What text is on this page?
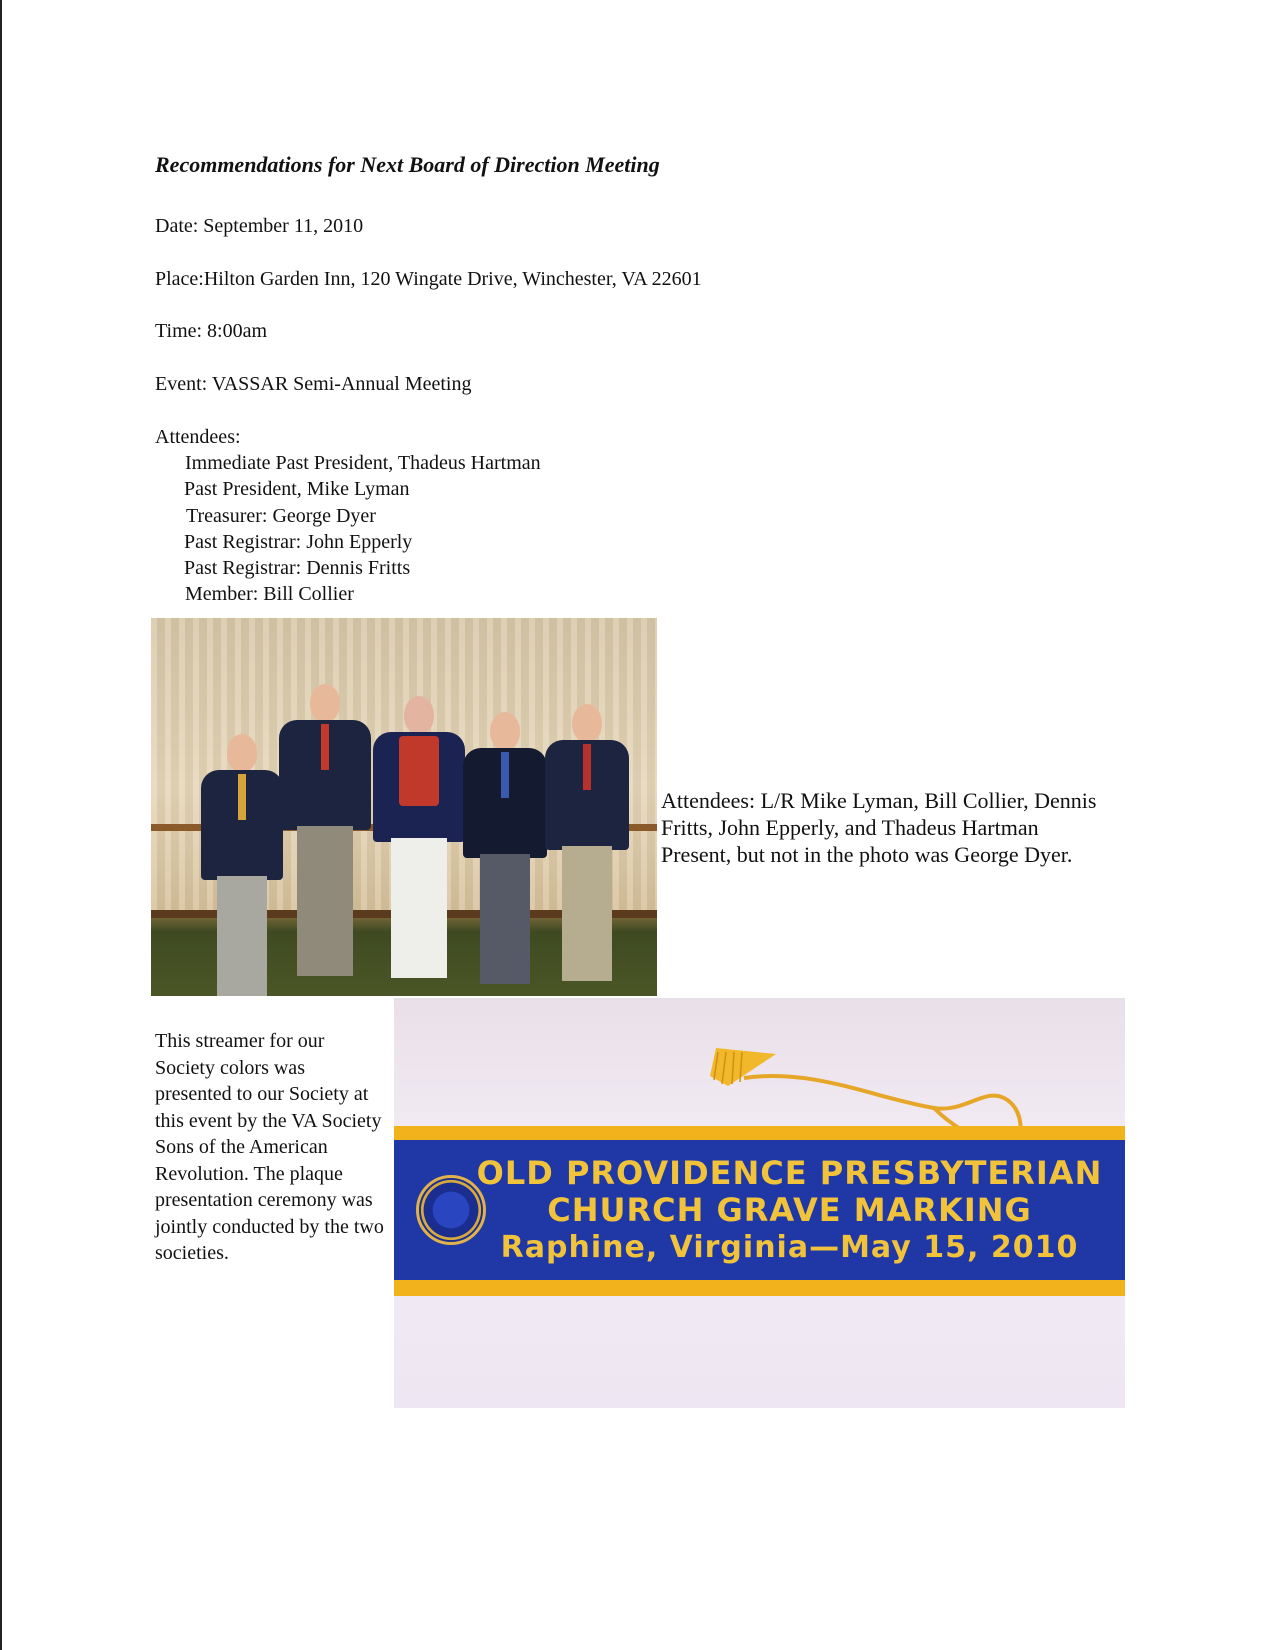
Recommendations for Next Board of Direction Meeting
Date: September 11, 2010
Place:Hilton Garden Inn, 120 Wingate Drive, Winchester, VA 22601
Time: 8:00am
Event: VASSAR Semi-Annual Meeting
Attendees:
Immediate Past President, Thadeus Hartman
Past President, Mike Lyman
Treasurer: George Dyer
Past Registrar: John Epperly
Past Registrar: Dennis Fritts
Member: Bill Collier
Attendees: L/R Mike Lyman, Bill Collier, Dennis Fritts, John Epperly, and Thadeus Hartman Present, but not in the photo was George Dyer.
This streamer for our Society colors was presented to our Society at this event by the VA Society Sons of the American Revolution. The plaque presentation ceremony was jointly conducted by the two societies.
OLD PROVIDENCE PRESBYTERIAN
CHURCH GRAVE MARKING
Raphine, Virginia—May 15, 2010
